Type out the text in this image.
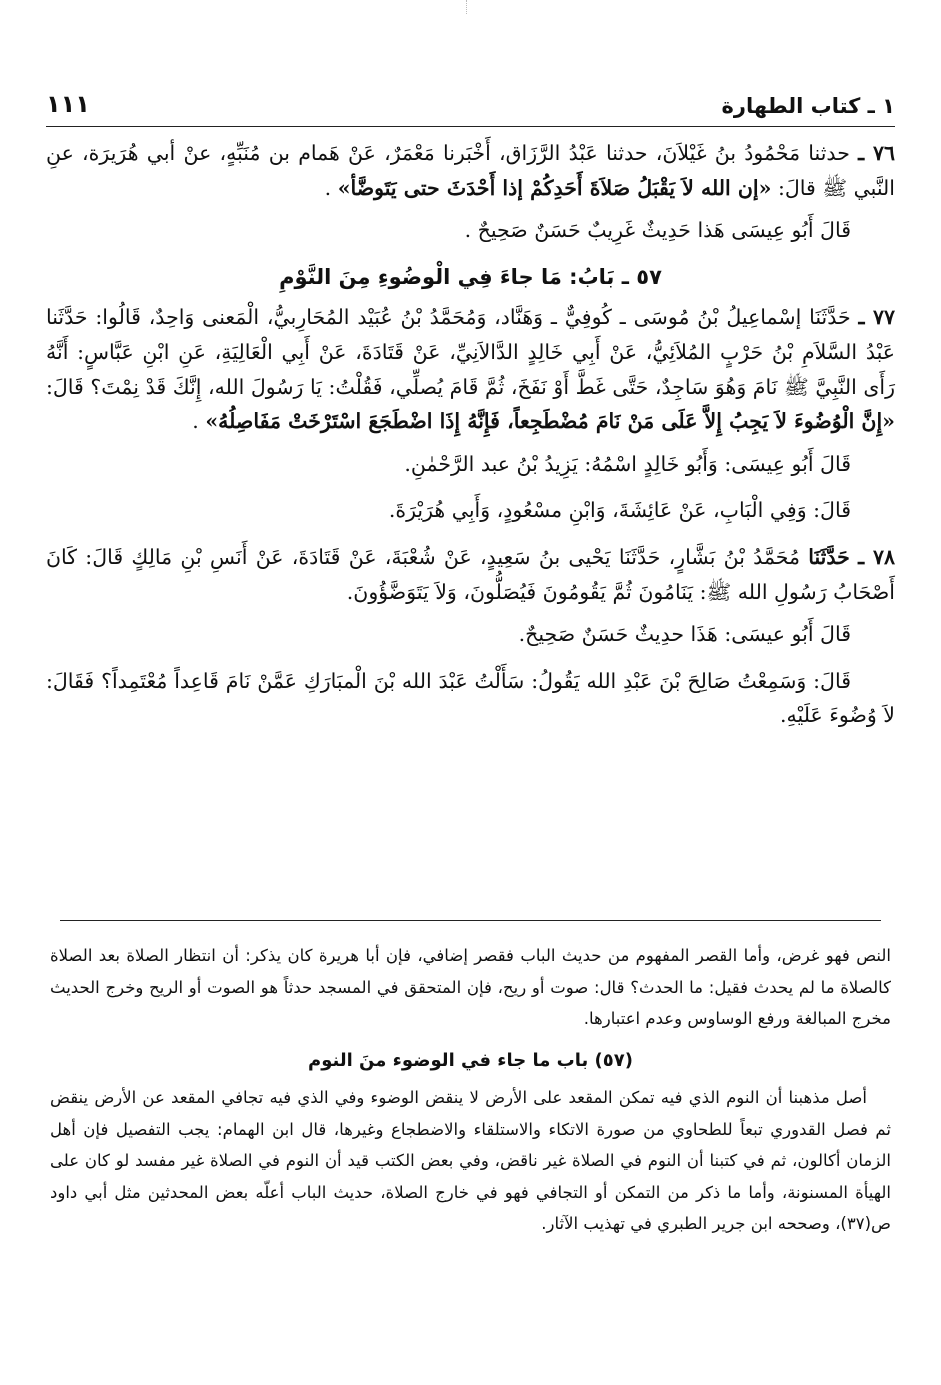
١ ـ كتاب الطهارة
١١١

٧٦ ـ حدثنا مَحْمُودُ بنُ غَيْلاَنَ، حدثنا عَبْدُ الرَّزَاق، أَخْبَرنا مَعْمَرٌ، عَنْ هَمام بن مُنَبِّهٍ، عنْ أبي هُرَيرَة، عنِ النَّبي ﷺ قالَ: «إن الله لاَ يَقْبَلُ صَلاَةَ أَحَدِكُمْ إذا أَحْدَثَ حتى يَتَوضَّأ» .

قَالَ أَبُو عِيسَى هَذا حَدِيثٌ غَرِيبٌ حَسَنٌ صَحِيحٌ .

٥٧ ـ بَابُ: مَا جاءَ فِي الْوضُوءِ مِنَ النَّوْمِ

٧٧ ـ حَدَّثَنَا إسْماعِيلُ بْنُ مُوسَى ـ كُوفِيٌّ ـ وَهَنَّاد، وَمُحَمَّدُ بْنُ عُبَيْد المُحَارِبيُّ، الْمَعنى وَاحِدٌ، قَالُوا: حَدَّثَنا عَبْدُ السَّلاَمِ بْنُ حَرْبٍ المُلاَئِيُّ، عَنْ أَبِي خَالِدٍ الدَّالاَنِيِّ، عَنْ قَتَادَةَ، عَنْ أَبِي الْعَالِيَةِ، عَنِ ابْنِ عَبَّاسٍ: أَنَّهُ رَأَى النَّبِيَّ ﷺ نَامَ وَهُوَ سَاجِدٌ، حَتَّى غَطَّ أَوْ نَفَخَ، ثُمَّ قَامَ يُصلِّي، فَقُلْتُ: يَا رَسُولَ الله، إِنَّكَ قَدْ نِمْتَ؟ قَالَ: «إِنَّ الْوُضُوءَ لاَ يَجِبُ إِلاَّ عَلَى مَنْ نَامَ مُضْطَجِعاً، فَإِنَّهُ إِذَا اضْطَجَعَ اسْتَرْخَتْ مَفَاصِلُهُ» .

قَالَ أَبُو عِيسَى: وَأَبُو خَالِدٍ اسْمُهُ: يَزِيدُ بْنُ عبد الرَّحْمٰنِ.

قَالَ: وَفِي الْبَابِ، عَنْ عَائِشَةَ، وَابْنِ مسْعُودٍ، وَأَبِي هُرَيْرَةَ.

٧٨ ـ حَدَّثَنَا مُحَمَّدُ بْنُ بَشَّارٍ، حَدَّثَنَا يَحْيى بنُ سَعِيدٍ، عَنْ شُعْبَةَ، عَنْ قَتَادَةَ، عَنْ أَنَسِ بْنِ مَالِكٍ قَالَ: كَانَ أَصْحَابُ رَسُولِ الله ﷺ: يَنَامُونَ ثُمَّ يَقُومُونَ فَيُصَلُّونَ، وَلاَ يَتَوَضَّؤُونَ.

قَالَ أَبُو عيسَى: هَذَا حدِيثٌ حَسَنٌ صَحِيحٌ.

قَالَ: وَسَمِعْتُ صَالِحَ بْنَ عَبْدِ الله يَقُولُ: سَأَلْتُ عَبْدَ الله بْنَ الْمبَارَكِ عَمَّنْ نَامَ قَاعِداً مُعْتَمِداً؟ فَقَالَ: لاَ وُضُوءَ عَلَيْهِ.

النص فهو غرض، وأما القصر المفهوم من حديث الباب فقصر إضافي، فإن أبا هريرة كان يذكر: أن انتظار الصلاة بعد الصلاة كالصلاة ما لم يحدث فقيل: ما الحدث؟ قال: صوت أو ريح، فإن المتحقق في المسجد حدثاً هو الصوت أو الريح وخرج الحديث مخرج المبالغة ورفع الوساوس وعدم اعتبارها.

(٥٧) باب ما جاء في الوضوء منَ النوم

أصل مذهبنا أن النوم الذي فيه تمكن المقعد على الأرض لا ينقض الوضوء وفي الذي فيه تجافي المقعد عن الأرض ينقض ثم فصل القدوري تبعاً للطحاوي من صورة الاتكاء والاستلقاء والاضطجاع وغيرها، قال ابن الهمام: يجب التفصيل فإن أهل الزمان أكالون، ثم في كتبنا أن النوم في الصلاة غير ناقض، وفي بعض الكتب قيد أن النوم في الصلاة غير مفسد لو كان على الهيأة المسنونة، وأما ما ذكر من التمكن أو التجافي فهو في خارج الصلاة، حديث الباب أعلّه بعض المحدثين مثل أبي داود ص(٣٧)، وصححه ابن جرير الطبري في تهذيب الآثار.
